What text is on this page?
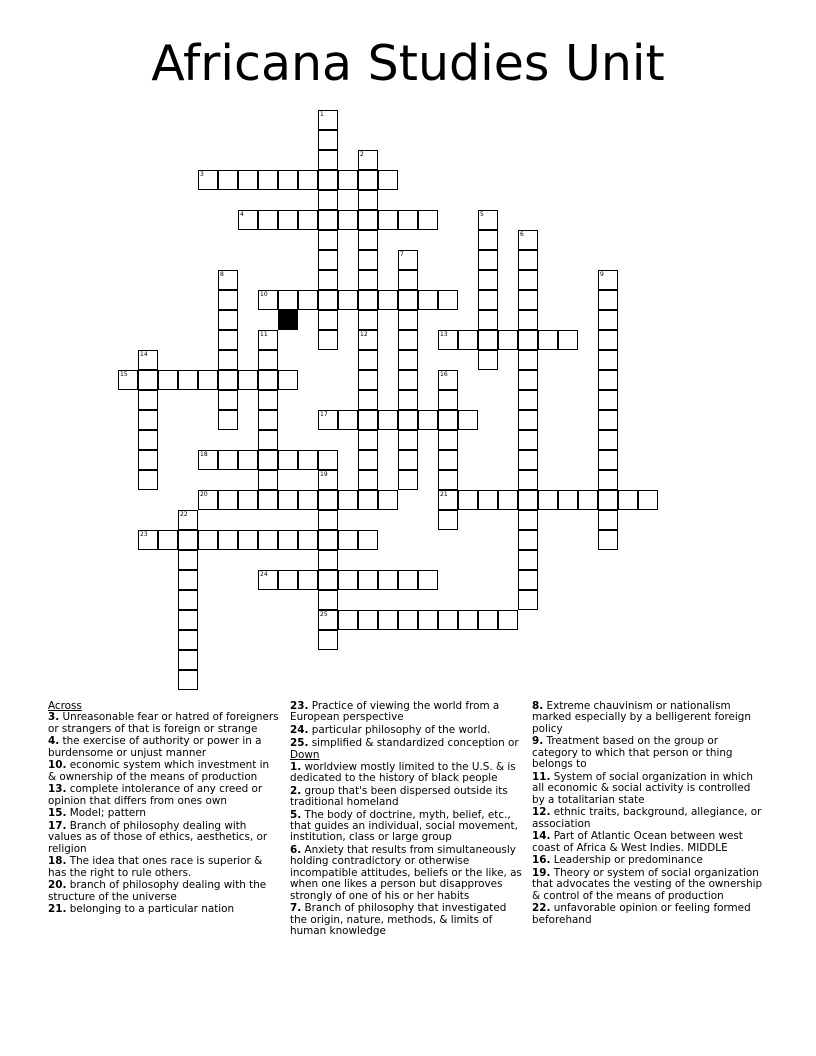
Africana Studies Unit
3
4
10
13
15
17
18
20	21
23
24
25
1
2
12
5
6
7
8	9
11
14
16
19
22
Across

3. Unreasonable fear or hatred of foreigners or strangers of that is foreign or strange

4. the exercise of authority or power in a burdensome or unjust manner

10. economic system which investment in & ownership of the means of production

13. complete intolerance of any creed or opinion that differs from ones own

15. Model; pattern

17. Branch of philosophy dealing with values as of those of ethics, aesthetics, or religion

18. The idea that ones race is superior & has the right to rule others.

20. branch of philosophy dealing with the structure of the universe

21. belonging to a particular nation

23. Practice of viewing the world from a European perspective

24. particular philosophy of the world.

25. simplified & standardized conception or

Down

1. worldview mostly limited to the U.S. & is dedicated to the history of black people

2. group that's been dispersed outside its traditional homeland

5. The body of doctrine, myth, belief, etc., that guides an individual, social movement, institution, class or large group

6. Anxiety that results from simultaneously holding contradictory or otherwise incompatible attitudes, beliefs or the like, as when one likes a person but disapproves strongly of one of his or her habits

7. Branch of philosophy that investigated the origin, nature, methods, & limits of human knowledge

8. Extreme chauvinism or nationalism marked especially by a belligerent foreign policy

9. Treatment based on the group or category to which that person or thing belongs to

11. System of social organization in which all economic & social activity is controlled by a totalitarian state

12. ethnic traits, background, allegiance, or association

14. Part of Atlantic Ocean between west coast of Africa & West Indies. MIDDLE

16. Leadership or predominance

19. Theory or system of social organization that advocates the vesting of the ownership & control of the means of production

22. unfavorable opinion or feeling formed beforehand
